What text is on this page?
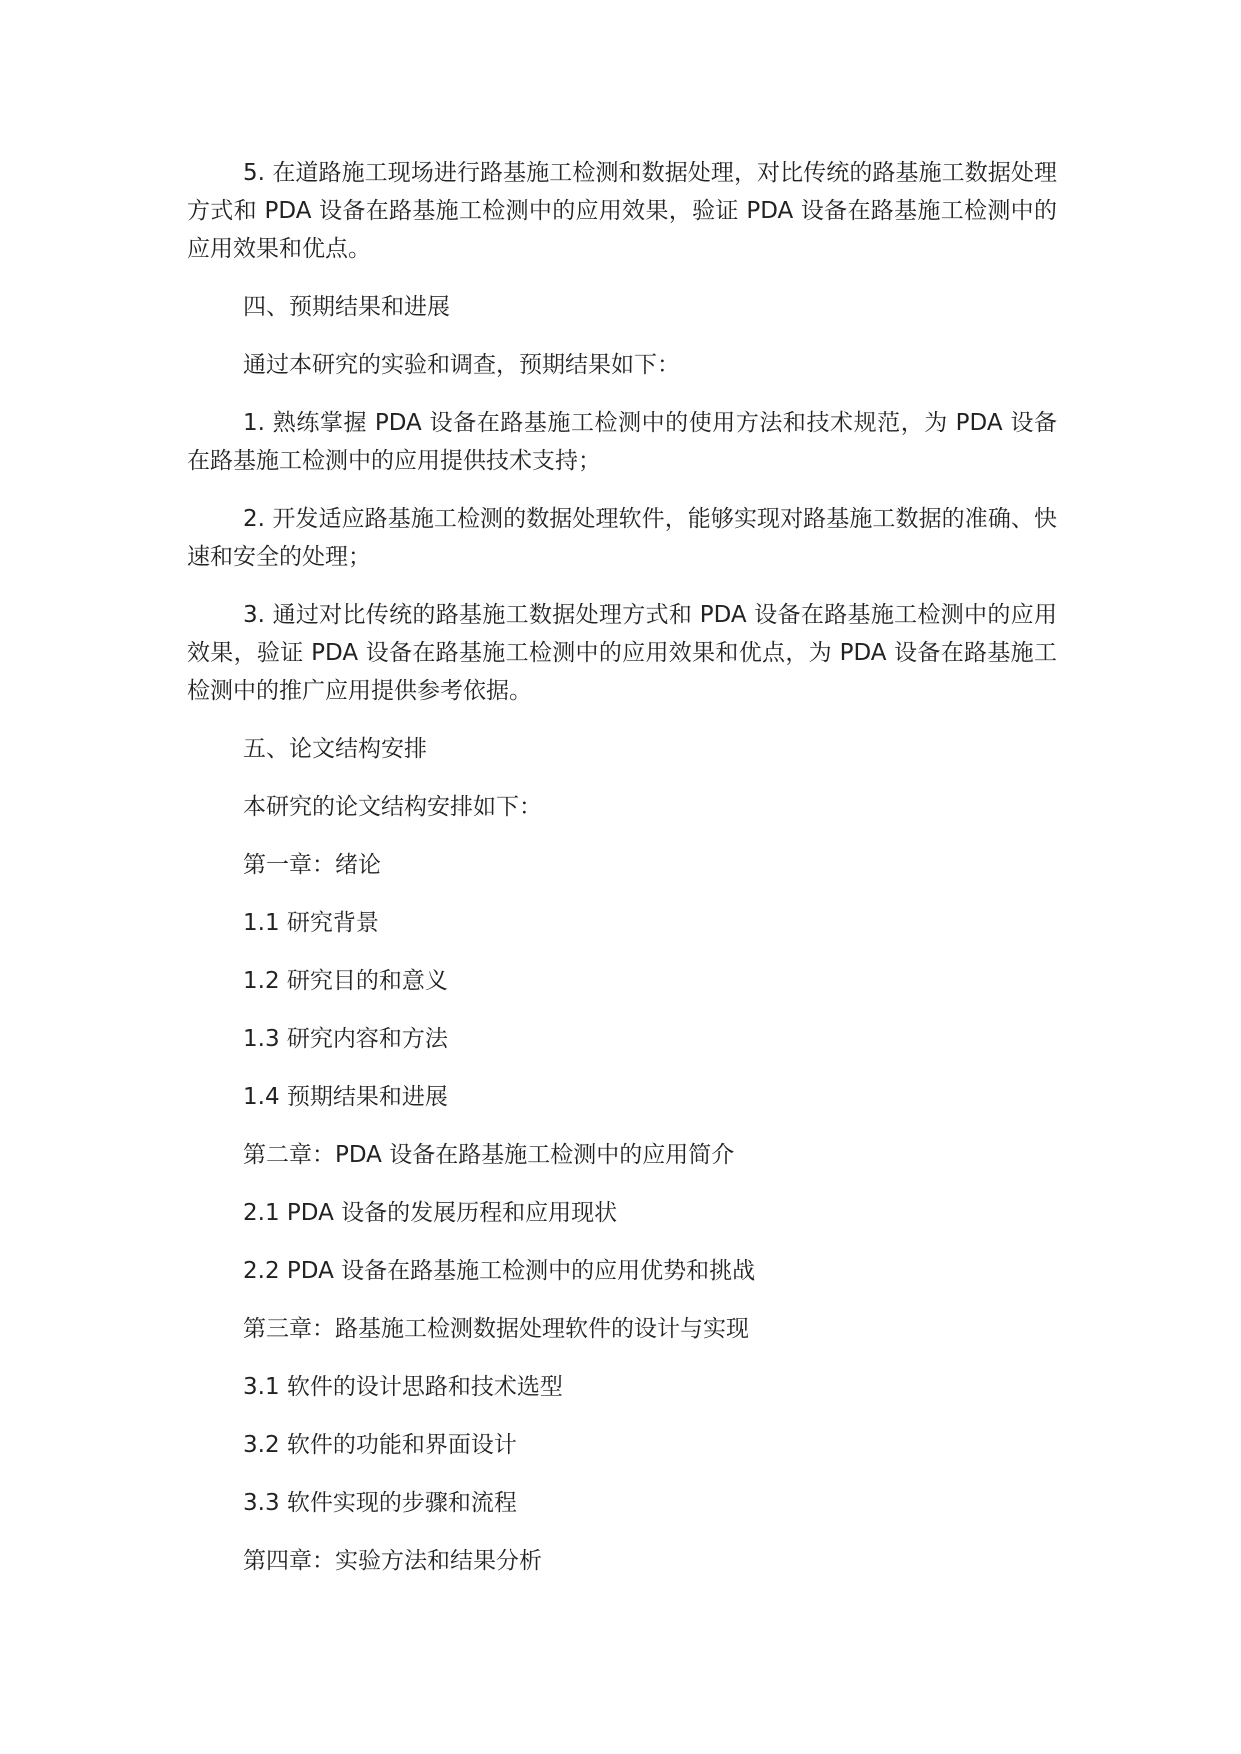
5. 在道路施工现场进行路基施工检测和数据处理，对比传统的路基施工数据处理方式和 PDA 设备在路基施工检测中的应用效果，验证 PDA 设备在路基施工检测中的应用效果和优点。

四、预期结果和进展

通过本研究的实验和调查，预期结果如下：

1. 熟练掌握 PDA 设备在路基施工检测中的使用方法和技术规范，为 PDA 设备在路基施工检测中的应用提供技术支持；

2. 开发适应路基施工检测的数据处理软件，能够实现对路基施工数据的准确、快速和安全的处理；

3. 通过对比传统的路基施工数据处理方式和 PDA 设备在路基施工检测中的应用效果，验证 PDA 设备在路基施工检测中的应用效果和优点，为 PDA 设备在路基施工检测中的推广应用提供参考依据。

五、论文结构安排

本研究的论文结构安排如下：

第一章：绪论

1.1 研究背景

1.2 研究目的和意义

1.3 研究内容和方法

1.4 预期结果和进展

第二章：PDA 设备在路基施工检测中的应用简介

2.1 PDA 设备的发展历程和应用现状

2.2 PDA 设备在路基施工检测中的应用优势和挑战

第三章：路基施工检测数据处理软件的设计与实现

3.1 软件的设计思路和技术选型

3.2 软件的功能和界面设计

3.3 软件实现的步骤和流程

第四章：实验方法和结果分析
